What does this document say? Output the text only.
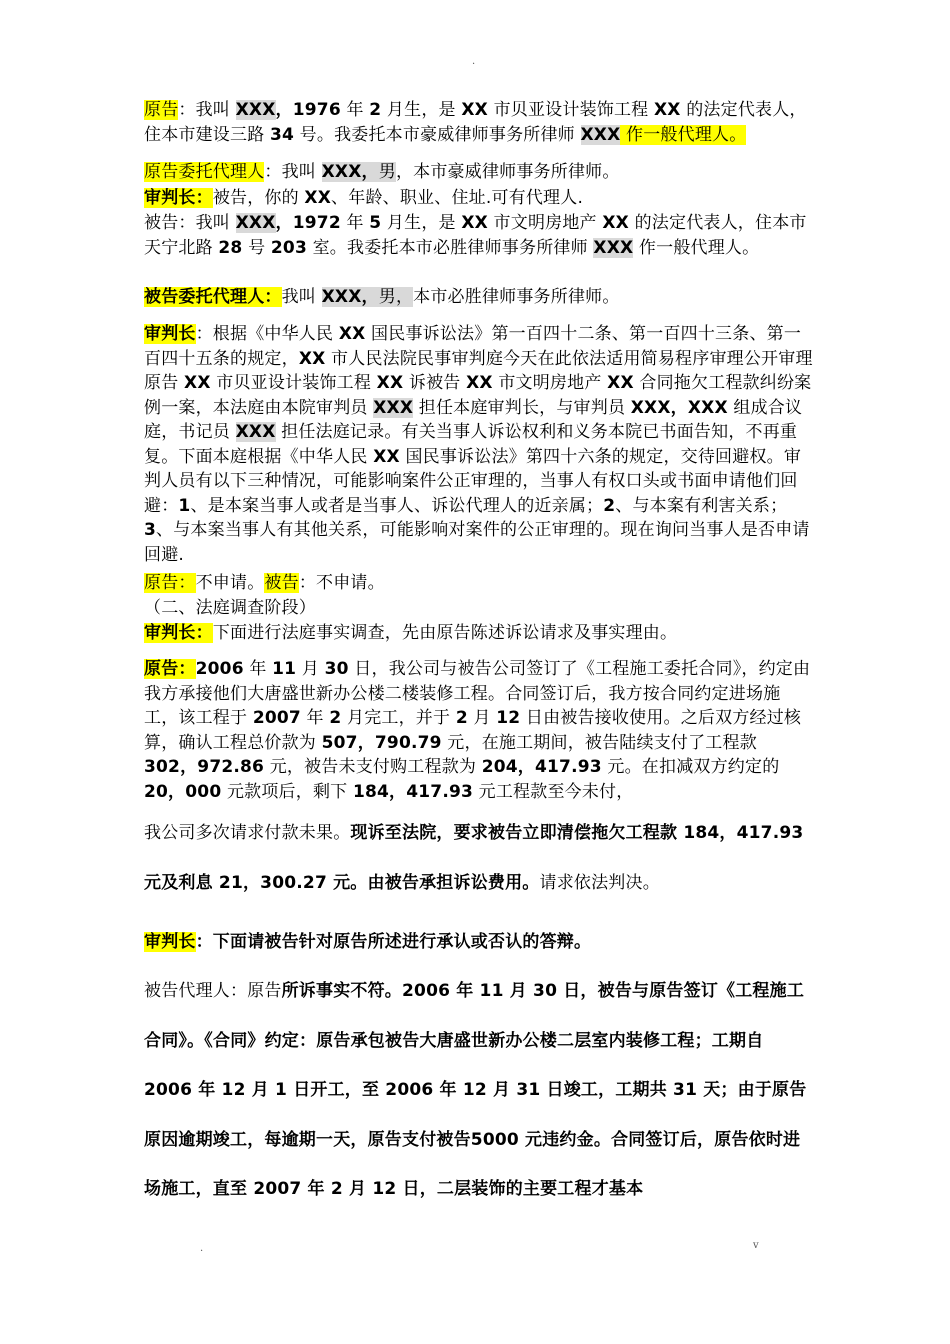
.
原告：我叫 XXX，1976 年 2 月生，是 XX 市贝亚设计装饰工程 XX 的法定代表人，住本市建设三路 34 号。我委托本市豪威律师事务所律师 XXX 作一般代理人。
原告委托代理人：我叫 XXX，男，本市豪威律师事务所律师。
审判长：被告，你的 XX、年龄、职业、住址.可有代理人.
被告：我叫 XXX，1972 年 5 月生，是 XX 市文明房地产 XX 的法定代表人，住本市天宁北路 28 号 203 室。我委托本市必胜律师事务所律师 XXX 作一般代理人。
被告委托代理人：我叫 XXX，男，本市必胜律师事务所律师。
审判长：根据《中华人民 XX 国民事诉讼法》第一百四十二条、第一百四十三条、第一百四十五条的规定，XX 市人民法院民事审判庭今天在此依法适用简易程序审理公开审理原告 XX 市贝亚设计装饰工程 XX 诉被告 XX 市文明房地产 XX 合同拖欠工程款纠纷案例一案，本法庭由本院审判员 XXX 担任本庭审判长，与审判员 XXX，XXX 组成合议庭，书记员 XXX 担任法庭记录。有关当事人诉讼权利和义务本院已书面告知，不再重复。下面本庭根据《中华人民 XX 国民事诉讼法》第四十六条的规定，交待回避权。审判人员有以下三种情况，可能影响案件公正审理的，当事人有权口头或书面申请他们回避：1、是本案当事人或者是当事人、诉讼代理人的近亲属；2、与本案有利害关系；3、与本案当事人有其他关系，可能影响对案件的公正审理的。现在询问当事人是否申请回避.
原告：不申请。被告：不申请。
（二、法庭调查阶段）
审判长：下面进行法庭事实调查，先由原告陈述诉讼请求及事实理由。
原告：2006 年 11 月 30 日，我公司与被告公司签订了《工程施工委托合同》，约定由我方承接他们大唐盛世新办公楼二楼装修工程。合同签订后，我方按合同约定进场施工，该工程于 2007 年 2 月完工，并于 2 月 12 日由被告接收使用。之后双方经过核算，确认工程总价款为 507，790.79 元，在施工期间，被告陆续支付了工程款 302，972.86 元，被告未支付购工程款为 204，417.93 元。在扣减双方约定的 20，000 元款项后，剩下 184，417.93 元工程款至今未付，
我公司多次请求付款未果。现诉至法院，要求被告立即清偿拖欠工程款 184，417.93 元及利息 21，300.27 元。由被告承担诉讼费用。请求依法判决。
审判长：下面请被告针对原告所述进行承认或否认的答辩。
被告代理人：原告所诉事实不符。2006 年 11 月 30 日，被告与原告签订《工程施工合同》。《合同》约定：原告承包被告大唐盛世新办公楼二层室内装修工程；工期自 2006 年 12 月 1 日开工，至 2006 年 12 月 31 日竣工，工期共 31 天；由于原告原因逾期竣工，每逾期一天，原告支付被告5000 元违约金。合同签订后，原告依时进场施工，直至 2007 年 2 月 12 日，二层装饰的主要工程才基本
.	v
